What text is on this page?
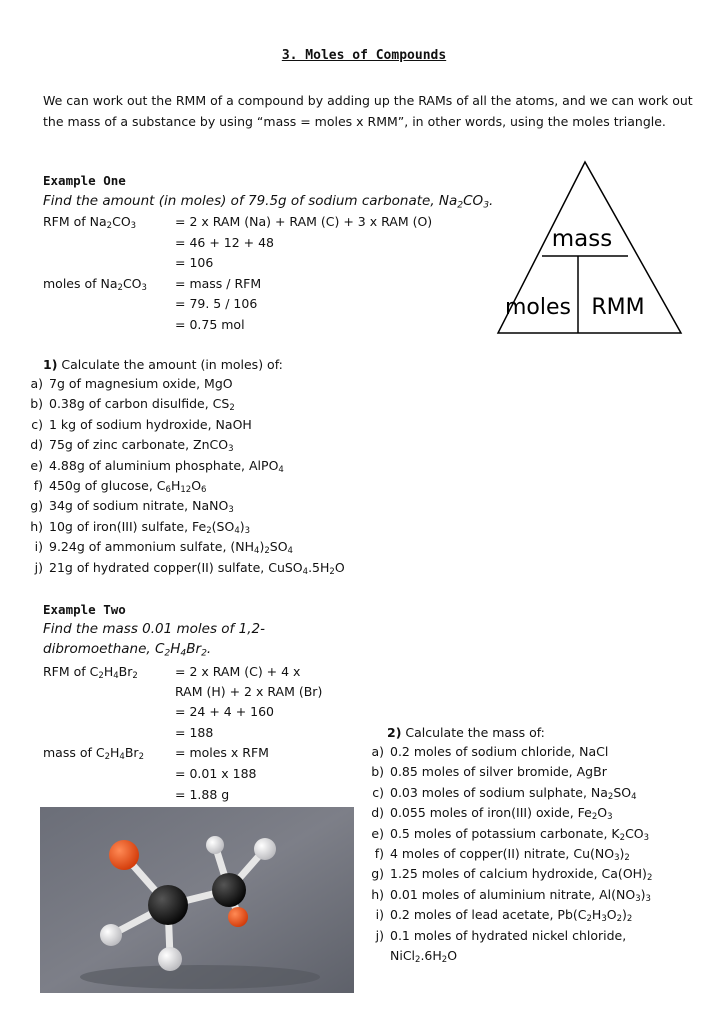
3. Moles of Compounds
We can work out the RMM of a compound by adding up the RAMs of all the atoms, and we can work out the mass of a substance by using “mass = moles x RMM”, in other words, using the moles triangle.
mass
moles RMM
Example One
Find the amount (in moles) of 79.5g of sodium carbonate, $Na_2CO_3$.
RFM of $Na_2CO_3$	= 2 x RAM (Na) + RAM (C) + 3 x RAM (O)
= 46 + 12 + 48
= 106
moles of $Na_2CO_3$ = mass / RFM
= 79. 5 / 106
= 0.75 mol
1) Calculate the amount (in moles) of:
a) 7g of magnesium oxide, MgO
b) 0.38g of carbon disulfide, $CS_2$
c) 1 kg of sodium hydroxide, NaOH
d) 75g of zinc carbonate, ZnCO$_3$
e) 4.88g of aluminium phosphate, AlPO$_4$
f) 450g of glucose, $C_6H_{12}O_6$
g) 34g of sodium nitrate, NaNO$_3$
h) 10g of iron(III) sulfate, $Fe_2(SO_4)_3$
i) 9.24g of ammonium sulfate, $(NH_4)_2SO_4$
j) 21g of hydrated copper(II) sulfate, $CuSO_4.5H_2O$
Example Two
Find the mass 0.01 moles of 1,2-
dibromoethane, $C_2H_4Br_2$.
RFM of $C_2H_4Br_2$	= 2 x RAM (C) + 4 x
RAM (H) + 2 x RAM (Br)
= 24 + 4 + 160
= 188
mass of $C_2H_4Br_2$ = moles x RFM
= 0.01 x 188
= 1.88 g
2) Calculate the mass of:
a) 0.2 moles of sodium chloride, NaCl
b) 0.85 moles of silver bromide, AgBr
c) 0.03 moles of sodium sulphate, $Na_2SO_4$
d) 0.055 moles of iron(III) oxide, $Fe_2O_3$
e) 0.5 moles of potassium carbonate, $K_2CO_3$
f) 4 moles of copper(II) nitrate, $Cu(NO_3)_2$
g) 1.25 moles of calcium hydroxide, $Ca(OH)_2$
h) 0.01 moles of aluminium nitrate, $Al(NO_3)_3$
i) 0.2 moles of lead acetate, $Pb(C_2H_3O_2)_2$
j) 0.1 moles of hydrated nickel chloride,
$NiCl_2.6H_2O$
